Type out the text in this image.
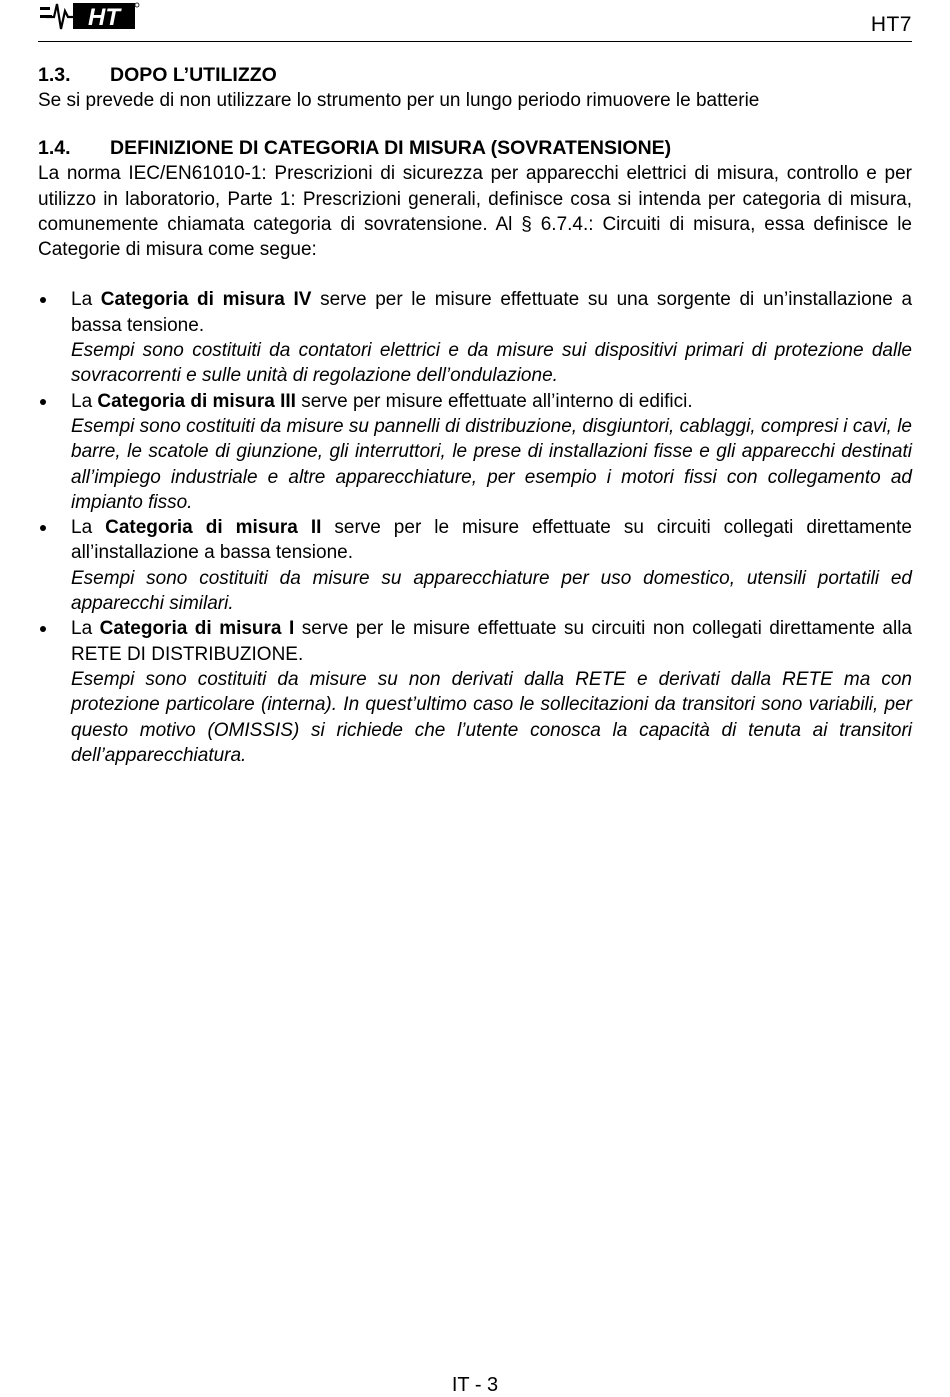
HT	HT7
1.3.	DOPO L’UTILIZZO

Se si prevede di non utilizzare lo strumento per un lungo periodo rimuovere le batterie

1.4.	DEFINIZIONE DI CATEGORIA DI MISURA (SOVRATENSIONE)

La norma IEC/EN61010-1: Prescrizioni di sicurezza per apparecchi elettrici di misura, controllo e per utilizzo in laboratorio, Parte 1: Prescrizioni generali, definisce cosa si intenda per categoria di misura, comunemente chiamata categoria di sovratensione. Al § 6.7.4.: Circuiti di misura, essa definisce le Categorie di misura come segue:

La Categoria di misura IV serve per le misure effettuate su una sorgente di un’installazione a bassa tensione.

Esempi sono costituiti da contatori elettrici e da misure sui dispositivi primari di protezione dalle sovracorrenti e sulle unità di regolazione dell’ondulazione.

La Categoria di misura III serve per misure effettuate all’interno di edifici.

Esempi sono costituiti da misure su pannelli di distribuzione, disgiuntori, cablaggi, compresi i cavi, le barre, le scatole di giunzione, gli interruttori, le prese di installazioni fisse e gli apparecchi destinati all’impiego industriale e altre apparecchiature, per esempio i motori fissi con collegamento ad impianto fisso.

La Categoria di misura II serve per le misure effettuate su circuiti collegati direttamente all’installazione a bassa tensione.

Esempi sono costituiti da misure su apparecchiature per uso domestico, utensili portatili ed apparecchi similari.

La Categoria di misura I serve per le misure effettuate su circuiti non collegati direttamente alla RETE DI DISTRIBUZIONE.

Esempi sono costituiti da misure su non derivati dalla RETE e derivati dalla RETE ma con protezione particolare (interna). In quest’ultimo caso le sollecitazioni da transitori sono variabili, per questo motivo (OMISSIS) si richiede che l’utente conosca la capacità di tenuta ai transitori dell’apparecchiatura.

IT - 3
